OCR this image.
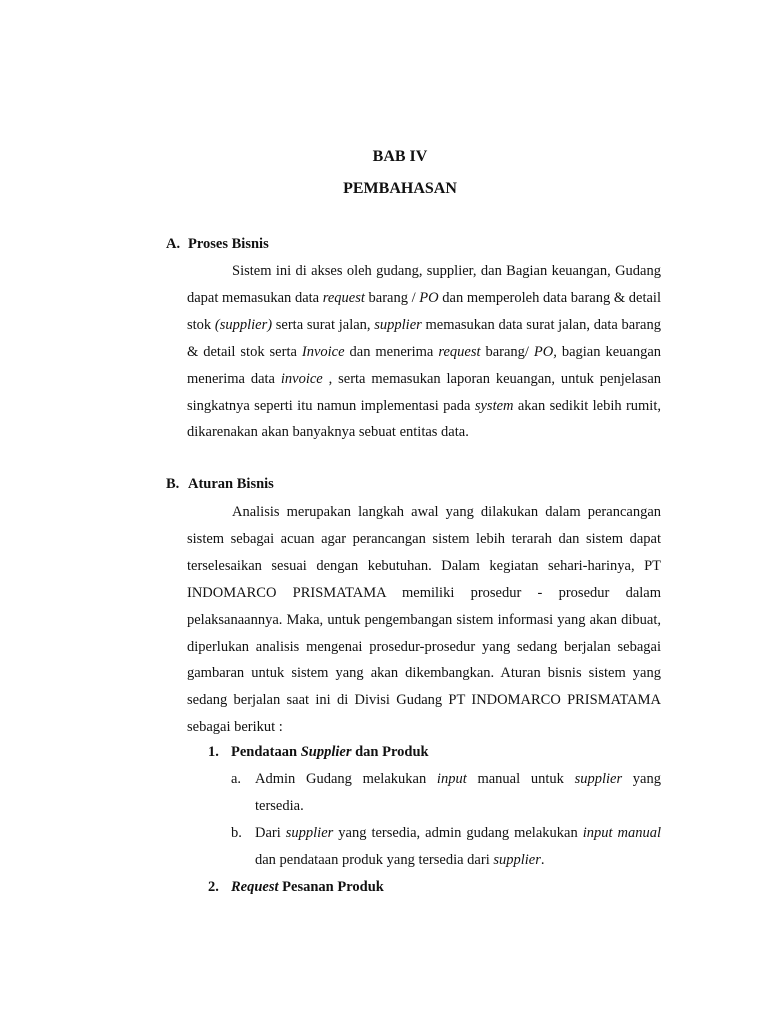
BAB IV
PEMBAHASAN
A. Proses Bisnis

Sistem ini di akses oleh gudang, supplier, dan Bagian keuangan, Gudang dapat memasukan data request barang / PO dan memperoleh data barang & detail stok (supplier) serta surat jalan, supplier memasukan data surat jalan, data barang & detail stok serta Invoice dan menerima request barang/ PO, bagian keuangan menerima data invoice , serta memasukan laporan keuangan, untuk penjelasan singkatnya seperti itu namun implementasi pada system akan sedikit lebih rumit, dikarenakan akan banyaknya sebuat entitas data.

B. Aturan Bisnis

Analisis merupakan langkah awal yang dilakukan dalam perancangan sistem sebagai acuan agar perancangan sistem lebih terarah dan sistem dapat terselesaikan sesuai dengan kebutuhan. Dalam kegiatan sehari-harinya, PT INDOMARCO PRISMATAMA memiliki prosedur - prosedur dalam pelaksanaannya. Maka, untuk pengembangan sistem informasi yang akan dibuat, diperlukan analisis mengenai prosedur-prosedur yang sedang berjalan sebagai gambaran untuk sistem yang akan dikembangkan. Aturan bisnis sistem yang sedang berjalan saat ini di Divisi Gudang PT INDOMARCO PRISMATAMA sebagai berikut :

1. Pendataan Supplier dan Produk
a. Admin Gudang melakukan input manual untuk supplier yang tersedia.
b. Dari supplier yang tersedia, admin gudang melakukan input manual dan pendataan produk yang tersedia dari supplier.
2. Request Pesanan Produk
